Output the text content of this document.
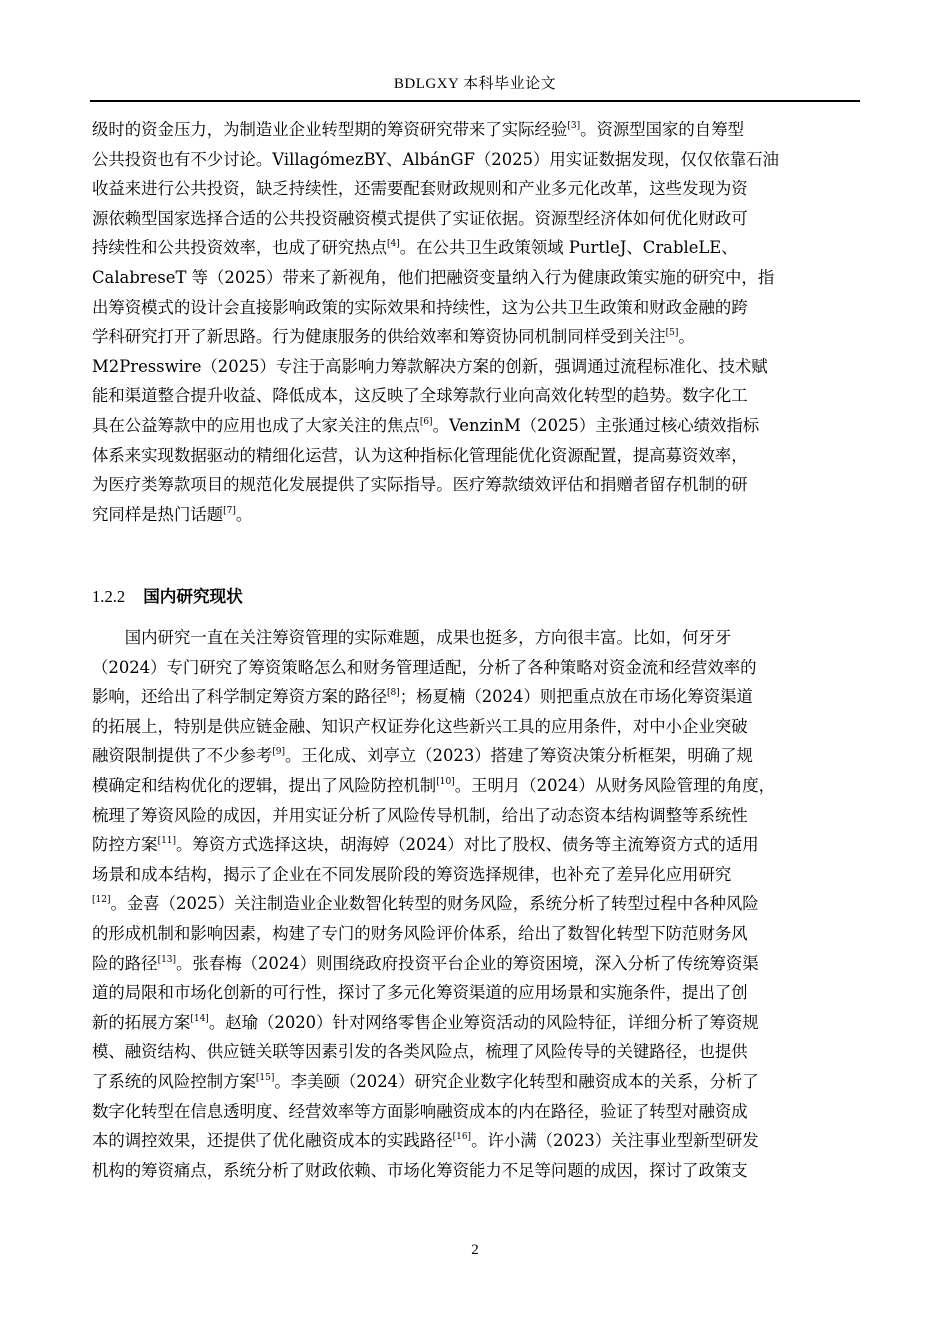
BDLGXY 本科毕业论文
级时的资金压力，为制造业企业转型期的筹资研究带来了实际经验[3]。资源型国家的自筹型
公共投资也有不少讨论。VillagómezBY、AlbánGF（2025）用实证数据发现，仅仅依靠石油
收益来进行公共投资，缺乏持续性，还需要配套财政规则和产业多元化改革，这些发现为资
源依赖型国家选择合适的公共投资融资模式提供了实证依据。资源型经济体如何优化财政可
持续性和公共投资效率，也成了研究热点[4]。在公共卫生政策领域 PurtleJ、CrableLE、
CalabreseT 等（2025）带来了新视角，他们把融资变量纳入行为健康政策实施的研究中，指
出筹资模式的设计会直接影响政策的实际效果和持续性，这为公共卫生政策和财政金融的跨
学科研究打开了新思路。行为健康服务的供给效率和筹资协同机制同样受到关注[5]。
M2Presswire（2025）专注于高影响力筹款解决方案的创新，强调通过流程标准化、技术赋
能和渠道整合提升收益、降低成本，这反映了全球筹款行业向高效化转型的趋势。数字化工
具在公益筹款中的应用也成了大家关注的焦点[6]。VenzinM（2025）主张通过核心绩效指标
体系来实现数据驱动的精细化运营，认为这种指标化管理能优化资源配置，提高募资效率，
为医疗类筹款项目的规范化发展提供了实际指导。医疗筹款绩效评估和捐赠者留存机制的研
究同样是热门话题[7]。
1.2.2 国内研究现状
　　国内研究一直在关注筹资管理的实际难题，成果也挺多，方向很丰富。比如，何牙牙
（2024）专门研究了筹资策略怎么和财务管理适配，分析了各种策略对资金流和经营效率的
影响，还给出了科学制定筹资方案的路径[8]；杨夏楠（2024）则把重点放在市场化筹资渠道
的拓展上，特别是供应链金融、知识产权证券化这些新兴工具的应用条件，对中小企业突破
融资限制提供了不少参考[9]。王化成、刘亭立（2023）搭建了筹资决策分析框架，明确了规
模确定和结构优化的逻辑，提出了风险防控机制[10]。王明月（2024）从财务风险管理的角度，
梳理了筹资风险的成因，并用实证分析了风险传导机制，给出了动态资本结构调整等系统性
防控方案[11]。筹资方式选择这块，胡海婷（2024）对比了股权、债务等主流筹资方式的适用
场景和成本结构，揭示了企业在不同发展阶段的筹资选择规律，也补充了差异化应用研究
[12]。金喜（2025）关注制造业企业数智化转型的财务风险，系统分析了转型过程中各种风险
的形成机制和影响因素，构建了专门的财务风险评价体系，给出了数智化转型下防范财务风
险的路径[13]。张春梅（2024）则围绕政府投资平台企业的筹资困境，深入分析了传统筹资渠
道的局限和市场化创新的可行性，探讨了多元化筹资渠道的应用场景和实施条件，提出了创
新的拓展方案[14]。赵瑜（2020）针对网络零售企业筹资活动的风险特征，详细分析了筹资规
模、融资结构、供应链关联等因素引发的各类风险点，梳理了风险传导的关键路径，也提供
了系统的风险控制方案[15]。李美颐（2024）研究企业数字化转型和融资成本的关系，分析了
数字化转型在信息透明度、经营效率等方面影响融资成本的内在路径，验证了转型对融资成
本的调控效果，还提供了优化融资成本的实践路径[16]。许小满（2023）关注事业型新型研发
机构的筹资痛点，系统分析了财政依赖、市场化筹资能力不足等问题的成因，探讨了政策支
2
